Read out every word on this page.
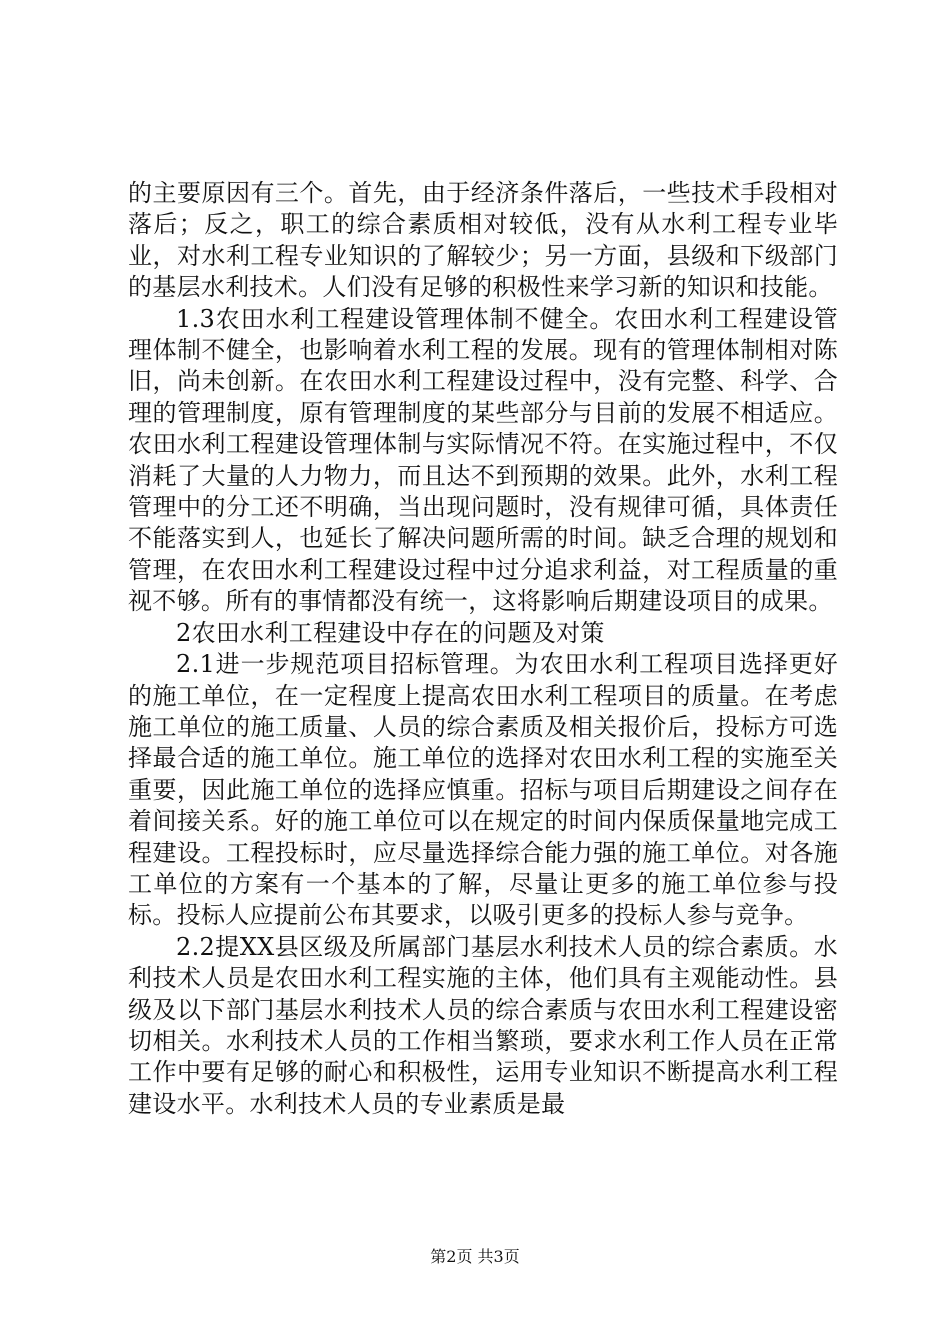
的主要原因有三个。首先，由于经济条件落后，一些技术手段相对落后；反之，职工的综合素质相对较低，没有从水利工程专业毕业，对水利工程专业知识的了解较少；另一方面，县级和下级部门的基层水利技术。人们没有足够的积极性来学习新的知识和技能。

1.3农田水利工程建设管理体制不健全。农田水利工程建设管理体制不健全，也影响着水利工程的发展。现有的管理体制相对陈旧，尚未创新。在农田水利工程建设过程中，没有完整、科学、合理的管理制度，原有管理制度的某些部分与目前的发展不相适应。农田水利工程建设管理体制与实际情况不符。在实施过程中，不仅消耗了大量的人力物力，而且达不到预期的效果。此外，水利工程管理中的分工还不明确，当出现问题时，没有规律可循，具体责任不能落实到人，也延长了解决问题所需的时间。缺乏合理的规划和管理，在农田水利工程建设过程中过分追求利益，对工程质量的重视不够。所有的事情都没有统一，这将影响后期建设项目的成果。

2农田水利工程建设中存在的问题及对策

2.1进一步规范项目招标管理。为农田水利工程项目选择更好的施工单位，在一定程度上提高农田水利工程项目的质量。在考虑施工单位的施工质量、人员的综合素质及相关报价后，投标方可选择最合适的施工单位。施工单位的选择对农田水利工程的实施至关重要，因此施工单位的选择应慎重。招标与项目后期建设之间存在着间接关系。好的施工单位可以在规定的时间内保质保量地完成工程建设。工程投标时，应尽量选择综合能力强的施工单位。对各施工单位的方案有一个基本的了解，尽量让更多的施工单位参与投标。投标人应提前公布其要求，以吸引更多的投标人参与竞争。

2.2提XX县区级及所属部门基层水利技术人员的综合素质。水利技术人员是农田水利工程实施的主体，他们具有主观能动性。县级及以下部门基层水利技术人员的综合素质与农田水利工程建设密切相关。水利技术人员的工作相当繁琐，要求水利工作人员在正常工作中要有足够的耐心和积极性，运用专业知识不断提高水利工程建设水平。水利技术人员的专业素质是最

第2页 共3页
